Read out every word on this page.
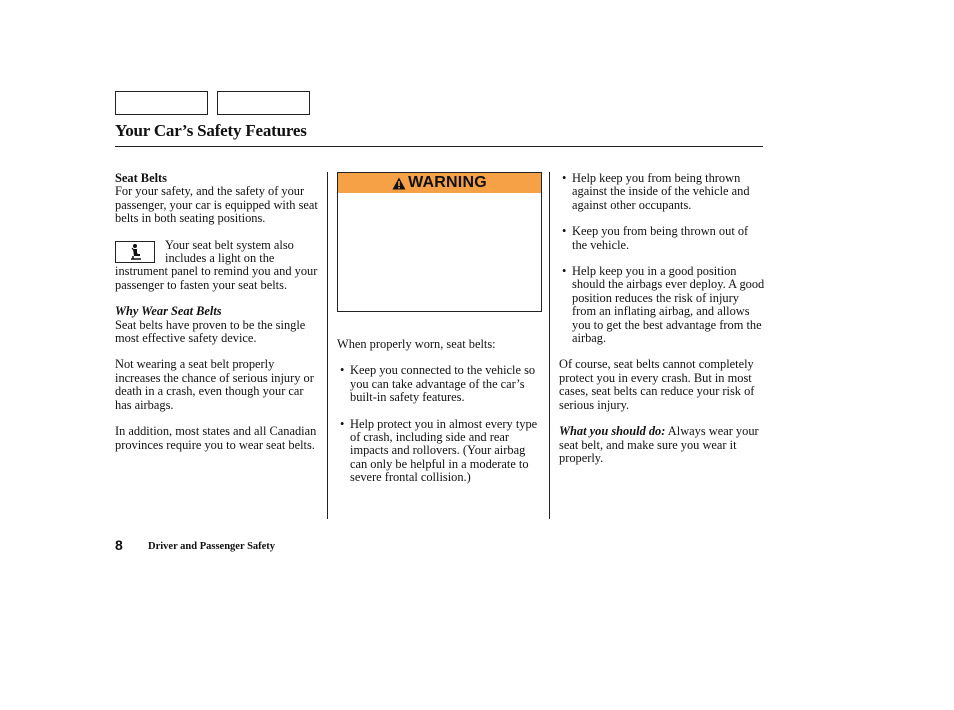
Your Car’s Safety Features

Seat Belts

For your safety, and the safety of your passenger, your car is equipped with seat belts in both seating positions.

Your seat belt system also includes a light on the instrument panel to remind you and your passenger to fasten your seat belts.

Why Wear Seat Belts

Seat belts have proven to be the single most effective safety device.

Not wearing a seat belt properly increases the chance of serious injury or death in a crash, even though your car has airbags.

In addition, most states and all Canadian provinces require you to wear seat belts.

WARNING

When properly worn, seat belts:

• Keep you connected to the vehicle so you can take advantage of the car’s built-in safety features.
• Help protect you in almost every type of crash, including side and rear impacts and rollovers. (Your airbag can only be helpful in a moderate to severe frontal collision.)
• Help keep you from being thrown against the inside of the vehicle and against other occupants.
• Keep you from being thrown out of the vehicle.
• Help keep you in a good position should the airbags ever deploy. A good position reduces the risk of injury from an inflating airbag, and allows you to get the best advantage from the airbag.

Of course, seat belts cannot completely protect you in every crash. But in most cases, seat belts can reduce your risk of serious injury.

What you should do: Always wear your seat belt, and make sure you wear it properly.

8 Driver and Passenger Safety
